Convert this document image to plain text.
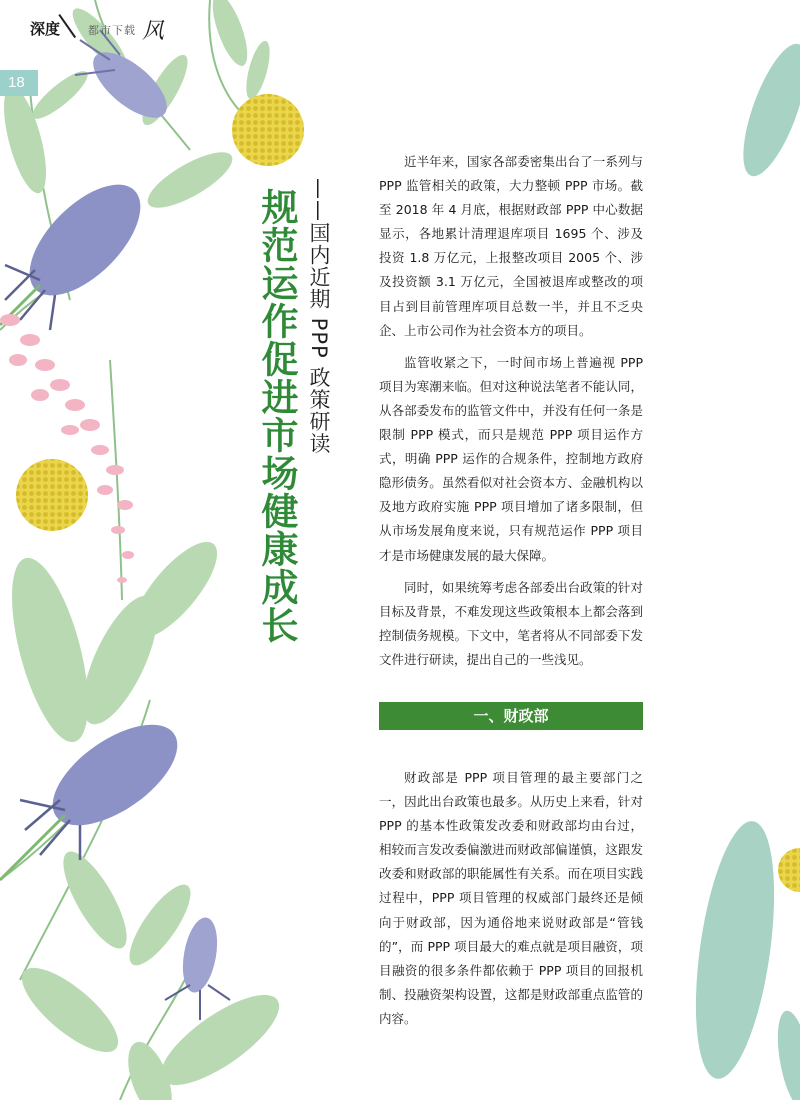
深度	都市下载 风
18
规范运作促进市场健康成长 ——国内近期 PPP 政策研读

近半年来，国家各部委密集出台了一系列与 PPP 监管相关的政策，大力整顿 PPP 市场。截至 2018 年 4 月底，根据财政部 PPP 中心数据显示，各地累计清理退库项目 1695 个、涉及投资 1.8 万亿元，上报整改项目 2005 个、涉及投资额 3.1 万亿元，全国被退库或整改的项目占到目前管理库项目总数一半，并且不乏央企、上市公司作为社会资本方的项目。

监管收紧之下，一时间市场上普遍视 PPP 项目为寒潮来临。但对这种说法笔者不能认同，从各部委发布的监管文件中，并没有任何一条是限制 PPP 模式，而只是规范 PPP 项目运作方式，明确 PPP 运作的合规条件，控制地方政府隐形债务。虽然看似对社会资本方、金融机构以及地方政府实施 PPP 项目增加了诸多限制，但从市场发展角度来说，只有规范运作 PPP 项目才是市场健康发展的最大保障。

同时，如果统筹考虑各部委出台政策的针对目标及背景，不难发现这些政策根本上都会落到控制债务规模。下文中，笔者将从不同部委下发文件进行研读，提出自己的一些浅见。

一、财政部

财政部是 PPP 项目管理的最主要部门之一，因此出台政策也最多。从历史上来看，针对 PPP 的基本性政策发改委和财政部均由台过，相较而言发改委偏激进而财政部偏谨慎，这跟发改委和财政部的职能属性有关系。而在项目实践过程中，PPP 项目管理的权威部门最终还是倾向于财政部，因为通俗地来说财政部是“管钱的”，而 PPP 项目最大的难点就是项目融资，项目融资的很多条件都依赖于 PPP 项目的回报机制、投融资架构设置，这都是财政部重点监管的内容。
